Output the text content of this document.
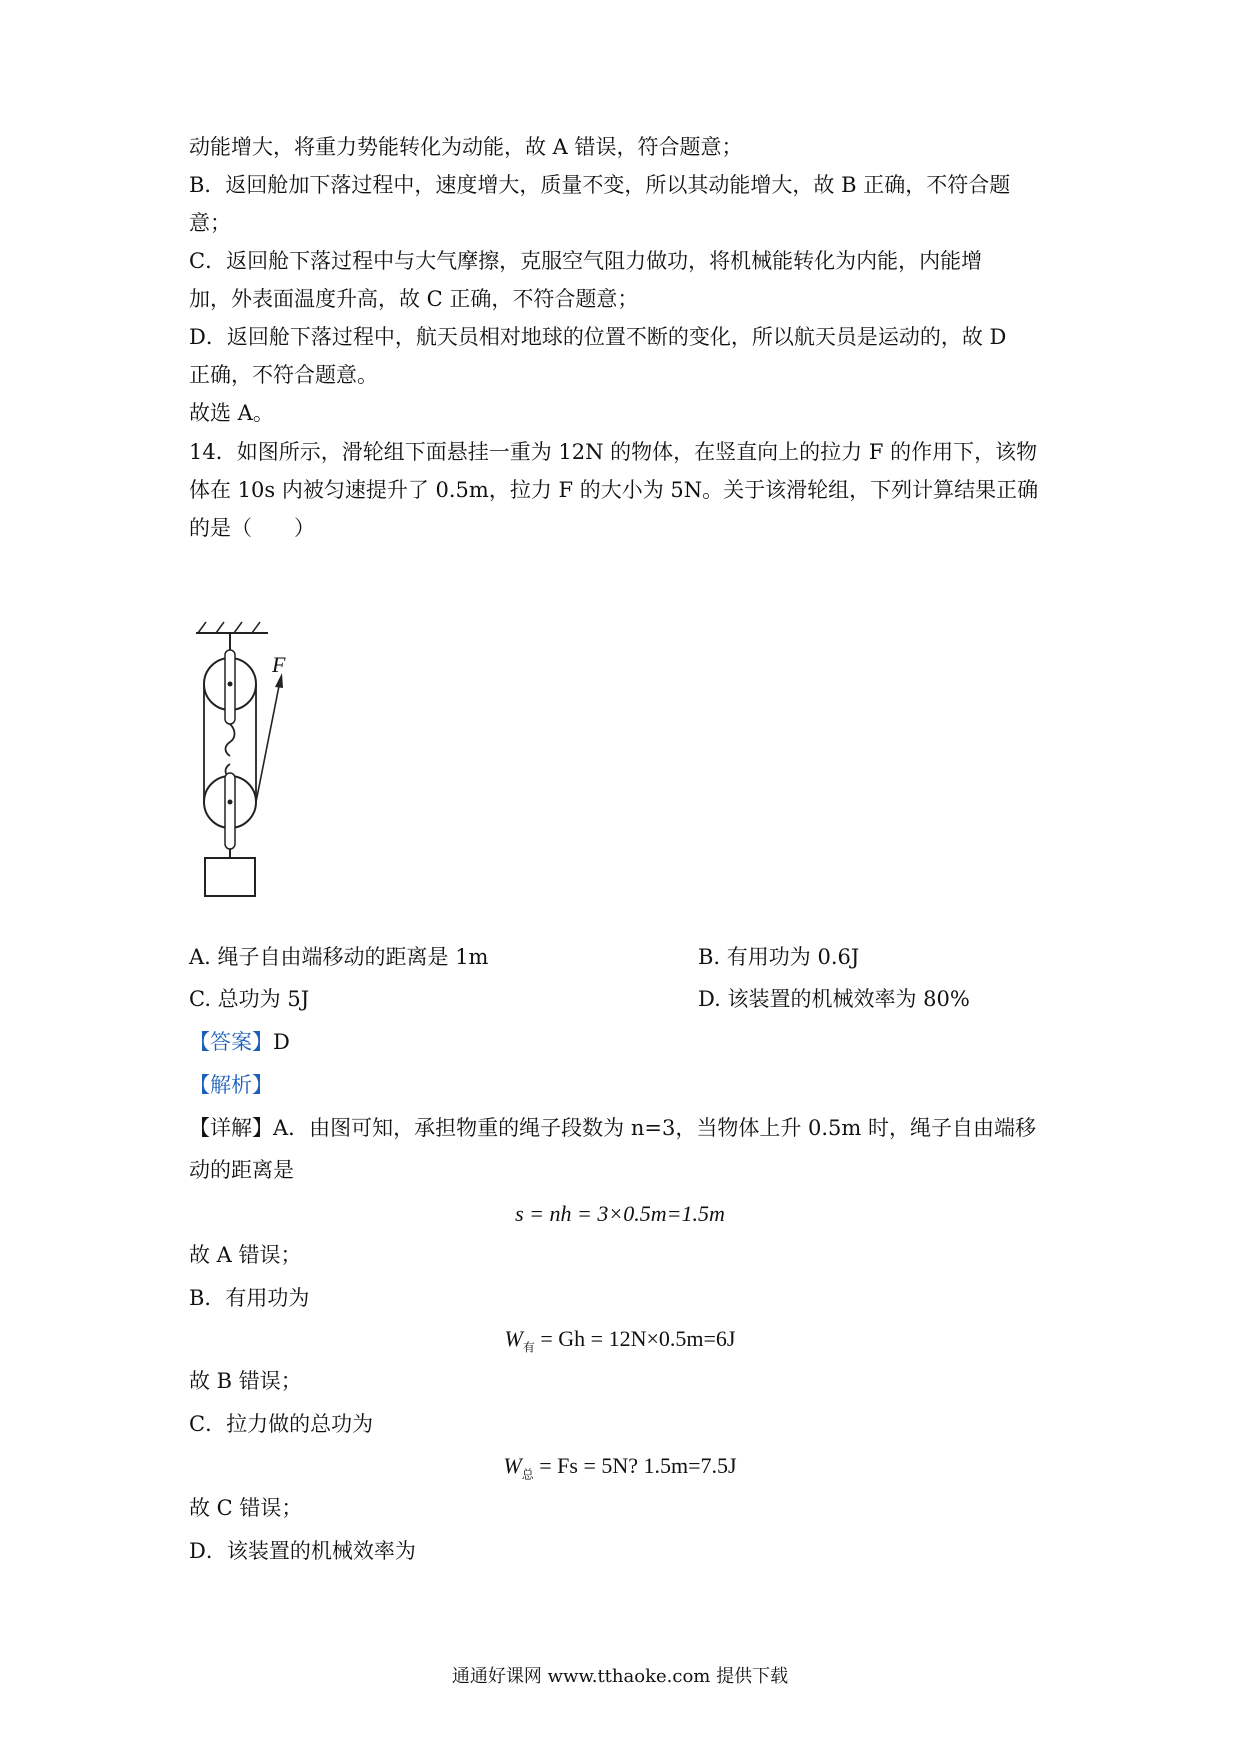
动能增大，将重力势能转化为动能，故 A 错误，符合题意；
B．返回舱加下落过程中，速度增大，质量不变，所以其动能增大，故 B 正确，不符合题
意；
C．返回舱下落过程中与大气摩擦，克服空气阻力做功，将机械能转化为内能，内能增
加，外表面温度升高，故 C 正确，不符合题意；
D．返回舱下落过程中，航天员相对地球的位置不断的变化，所以航天员是运动的，故 D
正确，不符合题意。
故选 A。
14．如图所示，滑轮组下面悬挂一重为 12N 的物体，在竖直向上的拉力 F 的作用下，该物
体在 10s 内被匀速提升了 0.5m，拉力 F 的大小为 5N。关于该滑轮组，下列计算结果正确
的是（　　）
F
A. 绳子自由端移动的距离是 1m	B. 有用功为 0.6J
C. 总功为 5J	D. 该装置的机械效率为 80%
【答案】D
【解析】
【详解】A．由图可知，承担物重的绳子段数为 n=3，当物体上升 0.5m 时，绳子自由端移
动的距离是
s = nh = 3×0.5m=1.5m
故 A 错误；
B．有用功为
$W_有 = Gh = 12N\times 0.5m=6J$
故 B 错误；
C．拉力做的总功为
$W_总 = Fs = 5N$? 1.5m=7.5J
故 C 错误；
D．该装置的机械效率为
通通好课网 www.tthaoke.com 提供下载
